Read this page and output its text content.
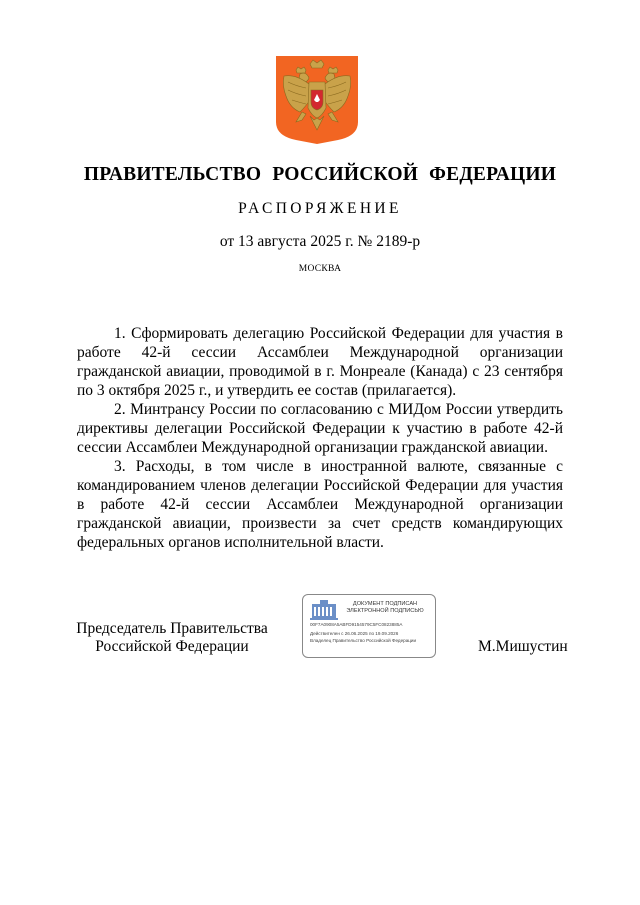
ПРАВИТЕЛЬСТВО РОССИЙСКОЙ ФЕДЕРАЦИИ
РАСПОРЯЖЕНИЕ
от 13 августа 2025 г. № 2189-р
МОСКВА

1. Сформировать делегацию Российской Федерации для участия в работе 42-й сессии Ассамблеи Международной организации гражданской авиации, проводимой в г. Монреале (Канада) с 23 сентября по 3 октября 2025 г., и утвердить ее состав (прилагается).

2. Минтрансу России по согласованию с МИДом России утвердить директивы делегации Российской Федерации к участию в работе 42-й сессии Ассамблеи Международной организации гражданской авиации.

3. Расходы, в том числе в иностранной валюте, связанные с командированием членов делегации Российской Федерации для участия в работе 42-й сессии Ассамблеи Международной организации гражданской авиации, произвести за счет средств командирующих федеральных органов исполнительной власти.

Председатель Правительства
Российской Федерации
ДОКУМЕНТ ПОДПИСАН
ЭЛЕКТРОННОЙ ПОДПИСЬЮ
00F7A0908A5ABFD9154579C5FC0823885A
Действителен с 26.06.2025 по 19.09.2026
Владелец Правительство Российской Федерации	М.Мишустин
